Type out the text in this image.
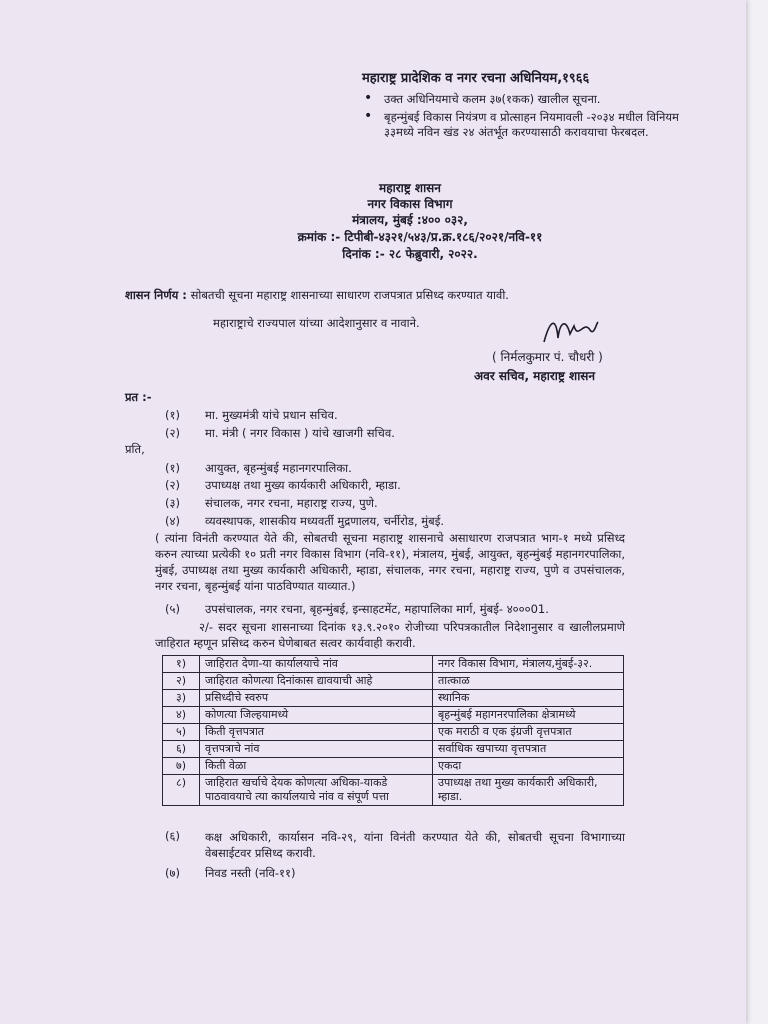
महाराष्ट्र प्रादेशिक व नगर रचना अधिनियम,१९६६
• उक्त अधिनियमाचे कलम ३७(१कक) खालील सूचना.
• बृहन्मुंबई विकास नियंत्रण व प्रोत्साहन नियमावली -२०३४ मधील विनियम ३३मध्ये नविन खंड २४ अंतर्भूत करण्यासाठी करावयाचा फेरबदल.
महाराष्ट्र शासन
नगर विकास विभाग
मंत्रालय, मुंबई :४०० ०३२,
क्रमांक :- टिपीबी-४३२१/५४३/प्र.क्र.१८६/२०२१/नवि-११
दिनांक :- २८ फेब्रुवारी, २०२२.
शासन निर्णय : सोबतची सूचना महाराष्ट्र शासनाच्या साधारण राजपत्रात प्रसिध्द करण्यात यावी.
महाराष्ट्राचे राज्यपाल यांच्या आदेशानुसार व नावाने.
( निर्मलकुमार पं. चौधरी )
अवर सचिव, महाराष्ट्र शासन
प्रत :-
(१) मा. मुख्यमंत्री यांचे प्रधान सचिव.
(२) मा. मंत्री ( नगर विकास ) यांचे खाजगी सचिव.
प्रति,
(१) आयुक्त, बृहन्मुंबई महानगरपालिका.
(२) उपाध्यक्ष तथा मुख्य कार्यकारी अधिकारी, म्हाडा.
(३) संचालक, नगर रचना, महाराष्ट्र राज्य, पुणे.
(४) व्यवस्थापक, शासकीय मध्यवर्ती मुद्रणालय, चर्नीरोड, मुंबई.
( त्यांना विनंती करण्यात येते की, सोबतची सूचना महाराष्ट्र शासनाचे असाधारण राजपत्रात भाग-१ मध्ये प्रसिध्द करुन त्याच्या प्रत्येकी १० प्रती नगर विकास विभाग (नवि-११), मंत्रालय, मुंबई, आयुक्त, बृहन्मुंबई महानगरपालिका, मुंबई, उपाध्यक्ष तथा मुख्य कार्यकारी अधिकारी, म्हाडा, संचालक, नगर रचना, महाराष्ट्र राज्य, पुणे व उपसंचालक, नगर रचना, बृहन्मुंबई यांना पाठविण्यात याव्यात.)
(५) उपसंचालक, नगर रचना, बृहन्मुंबई, इन्साहटमेंट, महापालिका मार्ग, मुंबई- ४०००01.
२/- सदर सूचना शासनाच्या दिनांक १३.९.२०१० रोजीच्या परिपत्रकातील निदेशानुसार व खालीलप्रमाणे जाहिरात म्हणून प्रसिध्द करुन घेणेबाबत सत्वर कार्यवाही करावी.
१)	जाहिरात देणा-या कार्यालयाचे नांव	नगर विकास विभाग, मंत्रालय,मुंबई-३२.
२)	जाहिरात कोणत्या दिनांकास द्यावयाची आहे	तात्काळ
३)	प्रसिध्दीचे स्वरुप	स्थानिक
४)	कोणत्या जिल्हयामध्ये	बृहन्मुंबई महागनरपालिका क्षेत्रामध्ये
५)	किती वृत्तपत्रात	एक मराठी व एक इंग्रजी वृत्तपत्रात
६)	वृत्तपत्राचे नांव	सर्वाधिक खपाच्या वृत्तपत्रात
७)	किती वेळा	एकदा
८)	जाहिरात खर्चाचे देयक कोणत्या अधिका-याकडे पाठवावयाचे त्या कार्यालयाचे नांव व संपूर्ण पत्ता	उपाध्यक्ष तथा मुख्य कार्यकारी अधिकारी, म्हाडा.
(६)	कक्ष अधिकारी, कार्यासन नवि-२९, यांना विनंती करण्यात येते की, सोबतची सूचना विभागाच्या वेबसाईटवर प्रसिध्द करावी.
(७) निवड नस्ती (नवि-११)
